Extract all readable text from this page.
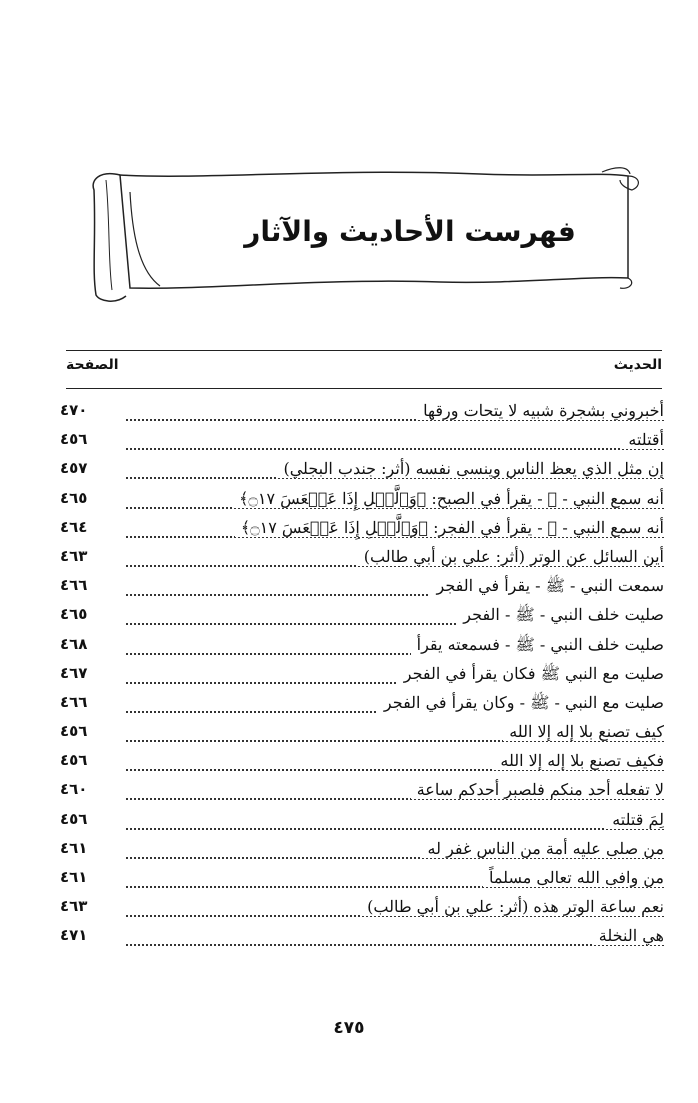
فهرست الأحاديث والآثار
الحديث
الصفحة
أخبروني بشجرة شبيه لا يتحات ورقها
٤٧٠
أقتلته
٤٥٦
إن مثل الذي يعظ الناس وينسى نفسه (أثر: جندب البجلي)
٤٥٧
أنه سمع النبي - ﷺ - يقرأ في الصبح: ﴿وَٱلَّيۡلِ إِذَا عَسۡعَسَ ۝١٧﴾
٤٦٥
أنه سمع النبي - ﷺ - يقرأ في الفجر: ﴿وَٱلَّيۡلِ إِذَا عَسۡعَسَ ۝١٧﴾
٤٦٤
أين السائل عن الوتر (أثر: علي بن أبي طالب)
٤٦٣
سمعت النبي - ﷺ - يقرأ في الفجر
٤٦٦
صليت خلف النبي - ﷺ - الفجر
٤٦٥
صليت خلف النبي - ﷺ - فسمعته يقرأ
٤٦٨
صليت مع النبي ﷺ فكان يقرأ في الفجر
٤٦٧
صليت مع النبي - ﷺ - وكان يقرأ في الفجر
٤٦٦
كيف تصنع بلا إله إلا الله
٤٥٦
فكيف تصنع بلا إله إلا الله
٤٥٦
لا تفعله أحد منكم فلصبر أحدكم ساعة
٤٦٠
لِمَ قتلته
٤٥٦
من صلى عليه أمة من الناس غفر له
٤٦١
من وافى الله تعالى مسلماً
٤٦١
نعم ساعة الوتر هذه (أثر: علي بن أبي طالب)
٤٦٣
هي النخلة
٤٧١
٤٧٥
